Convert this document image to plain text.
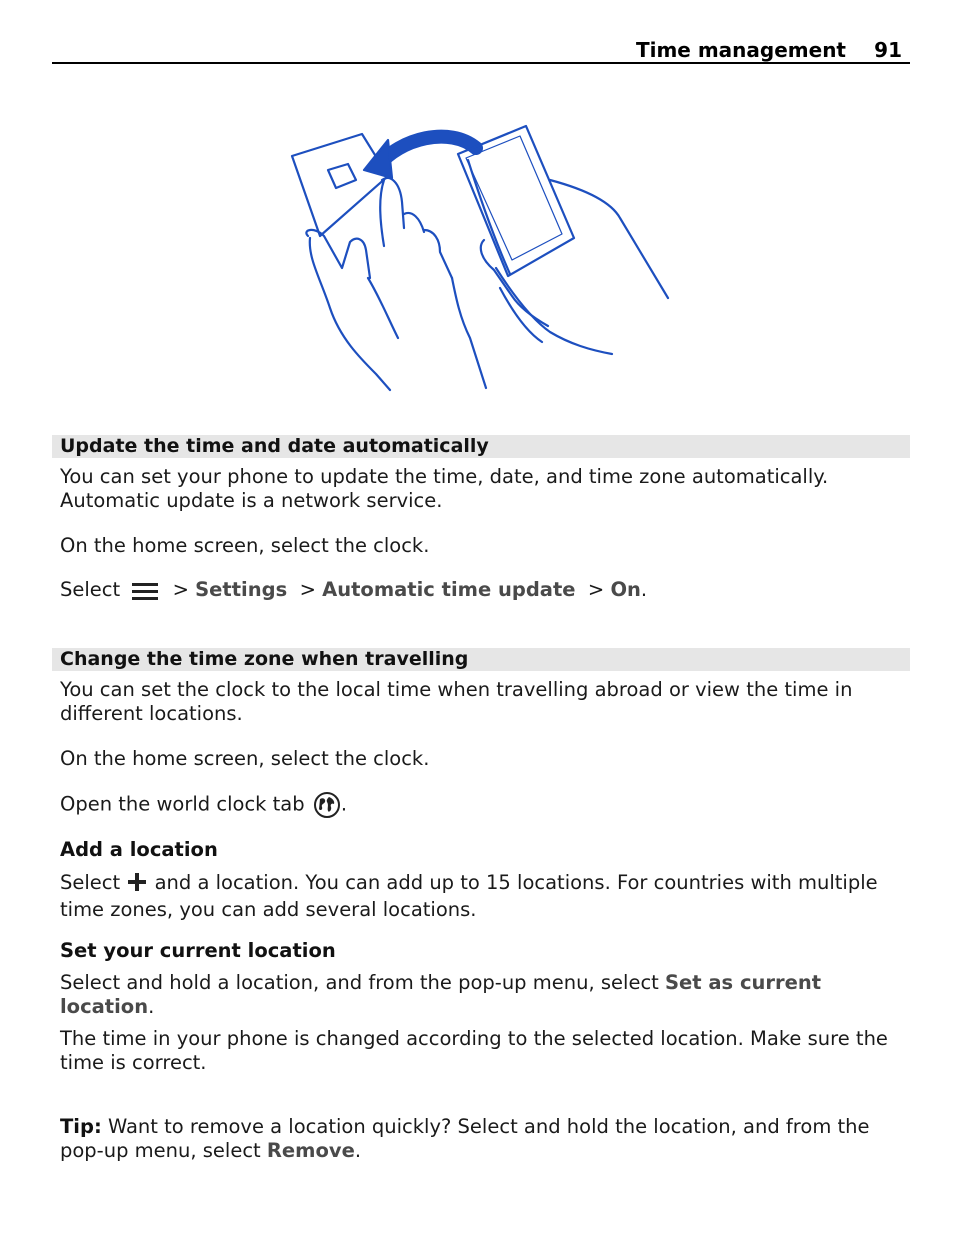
Time management 91
Update the time and date automatically

You can set your phone to update the time, date, and time zone automatically.
Automatic update is a network service.

On the home screen, select the clock.

Select	> Settings > Automatic time update > On.

Change the time zone when travelling

You can set the clock to the local time when travelling abroad or view the time in
different locations.

On the home screen, select the clock.

Open the world clock tab .

Add a location

Select and a location. You can add up to 15 locations. For countries with multiple
time zones, you can add several locations.

Set your current location

Select and hold a location, and from the pop-up menu, select Set as current
location.

The time in your phone is changed according to the selected location. Make sure the
time is correct.

Tip: Want to remove a location quickly? Select and hold the location, and from the
pop-up menu, select Remove.
